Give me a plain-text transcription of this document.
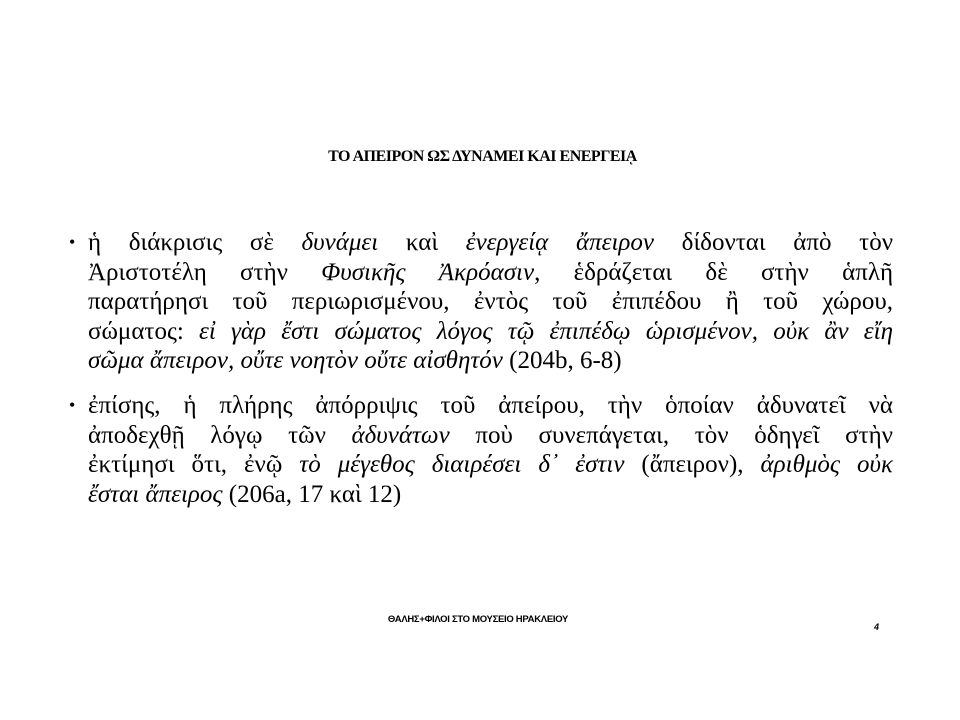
ΤΟ ΑΠΕΙΡΟΝ ΩΣ ΔΥΝΑΜΕΙ ΚΑΙ ΕΝΕΡΓΕΙᾼ
• ἡ διάκρισις σὲ δυνάμει καὶ ἐνεργείᾳ ἄπειρον δίδονται ἀπὸ τὸν
Ἀριστοτέλη στὴν Φυσικῆς Ἀκρόασιν, ἑδράζεται δὲ στὴν ἁπλῆ
παρατήρησι τοῦ περιωρισμένου, ἐντὸς τοῦ ἐπιπέδου ἢ τοῦ χώρου,
σώματος: εἰ γὰρ ἔστι σώματος λόγος τῷ ἐπιπέδῳ ὡρισμένον, οὐκ ἂν εἴη
σῶμα ἄπειρον, οὔτε νοητὸν οὔτε αἰσθητόν (204b, 6-8)
• ἐπίσης, ἡ πλήρης ἀπόρριψις τοῦ ἀπείρου, τὴν ὁποίαν ἀδυνατεῖ νὰ
ἀποδεχθῇ λόγῳ τῶν ἀδυνάτων ποὺ συνεπάγεται, τὸν ὁδηγεῖ στὴν
ἐκτίμησι ὅτι, ἐνῷ τὸ μέγεθος διαιρέσει δ᾽ ἐστιν (ἄπειρον), ἀριθμὸς οὐκ
ἔσται ἄπειρος (206a, 17 καὶ 12)
ΘΑΛΗΣ+ΦΙΛΟΙ ΣΤΟ ΜΟΥΣΕΙΟ ΗΡΑΚΛΕΙΟΥ
4
